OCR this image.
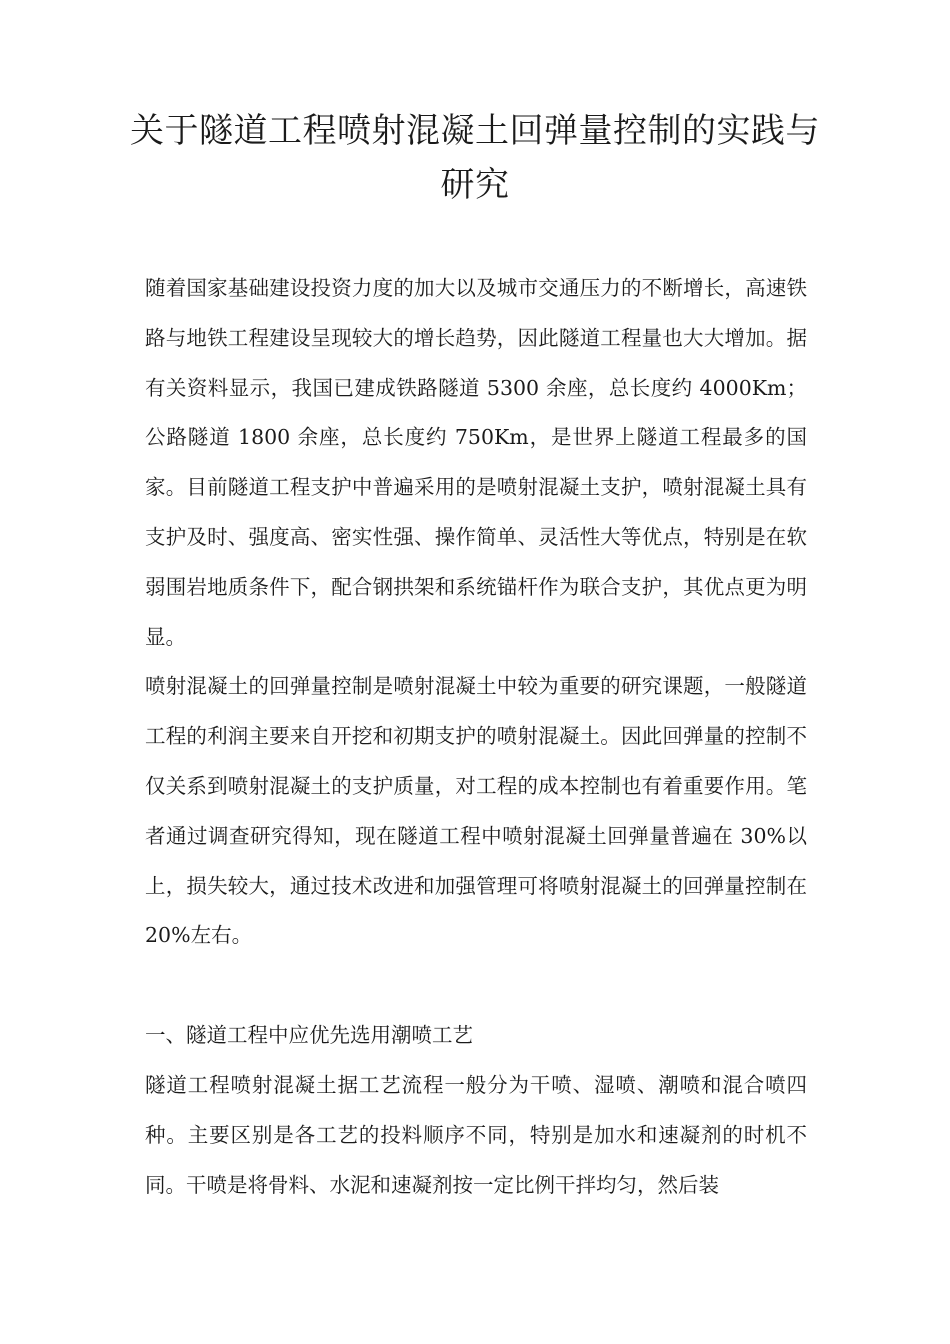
关于隧道工程喷射混凝土回弹量控制的实践与研究

随着国家基础建设投资力度的加大以及城市交通压力的不断增长，高速铁路与地铁工程建设呈现较大的增长趋势，因此隧道工程量也大大增加。据有关资料显示，我国已建成铁路隧道 5300 余座，总长度约 4000Km；公路隧道 1800 余座，总长度约 750Km，是世界上隧道工程最多的国家。目前隧道工程支护中普遍采用的是喷射混凝土支护，喷射混凝土具有支护及时、强度高、密实性强、操作简单、灵活性大等优点，特别是在软弱围岩地质条件下，配合钢拱架和系统锚杆作为联合支护，其优点更为明显。

喷射混凝土的回弹量控制是喷射混凝土中较为重要的研究课题，一般隧道工程的利润主要来自开挖和初期支护的喷射混凝土。因此回弹量的控制不仅关系到喷射混凝土的支护质量，对工程的成本控制也有着重要作用。笔者通过调查研究得知，现在隧道工程中喷射混凝土回弹量普遍在 30%以上，损失较大，通过技术改进和加强管理可将喷射混凝土的回弹量控制在 20%左右。

一、隧道工程中应优先选用潮喷工艺

隧道工程喷射混凝土据工艺流程一般分为干喷、湿喷、潮喷和混合喷四种。主要区别是各工艺的投料顺序不同，特别是加水和速凝剂的时机不同。干喷是将骨料、水泥和速凝剂按一定比例干拌均匀，然后装
